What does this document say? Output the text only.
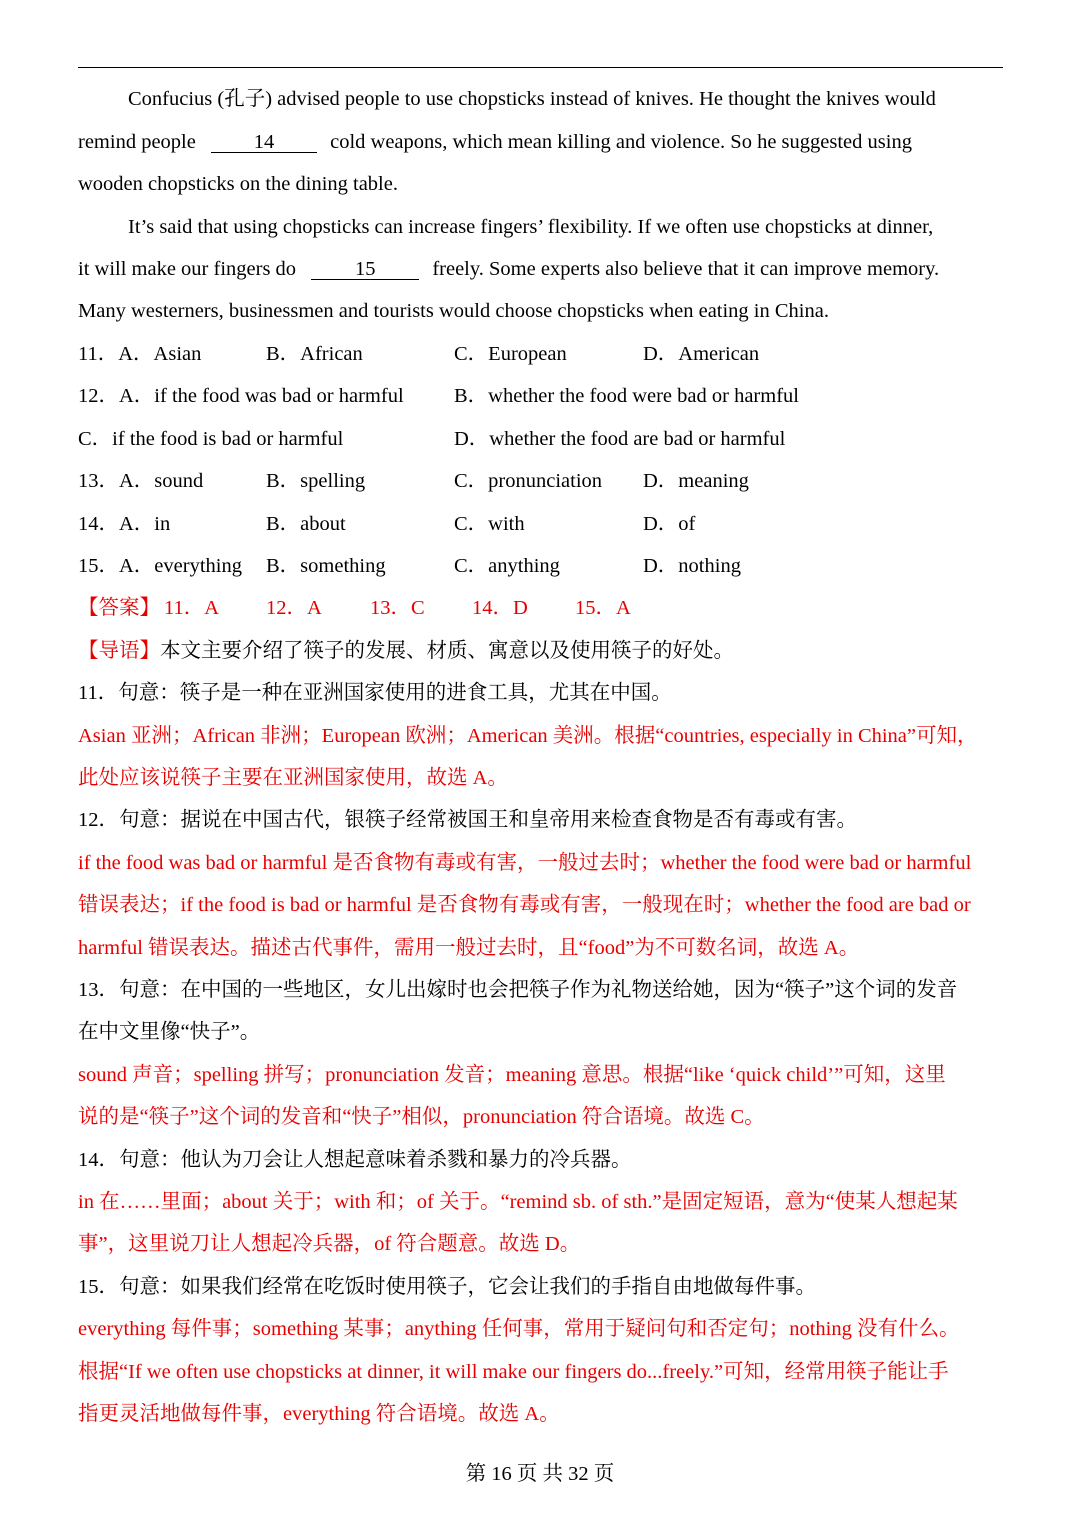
Confucius (孔子) advised people to use chopsticks instead of knives. He thought the knives would
remind people	14	cold weapons, which mean killing and violence. So he suggested using
wooden chopsticks on the dining table.
It’s said that using chopsticks can increase fingers’ flexibility. If we often use chopsticks at dinner,
it will make our fingers do	15	freely. Some experts also believe that it can improve memory.
Many westerners, businessmen and tourists would choose chopsticks when eating in China.
11．A．Asian	B．African	C．European	D．American
12．A．if the food was bad or harmful B．whether the food were bad or harmful
C．if the food is bad or harmful	D．whether the food are bad or harmful
13．A．sound	B．spelling	C．pronunciation D．meaning
14．A．in	B．about	C．with	D．of
15．A．everything B．something	C．anything	D．nothing
【答案】 11．A 12．A 13．C 14．D 15．A
【导语】本文主要介绍了筷子的发展、材质、寓意以及使用筷子的好处。
11．句意：筷子是一种在亚洲国家使用的进食工具，尤其在中国。
Asian 亚洲；African 非洲；European 欧洲；American 美洲。根据“countries, especially in China”可知，
此处应该说筷子主要在亚洲国家使用，故选 A。
12．句意：据说在中国古代，银筷子经常被国王和皇帝用来检查食物是否有毒或有害。
if the food was bad or harmful 是否食物有毒或有害，一般过去时；whether the food were bad or harmful
错误表达；if the food is bad or harmful 是否食物有毒或有害，一般现在时；whether the food are bad or
harmful 错误表达。描述古代事件，需用一般过去时，且“food”为不可数名词，故选 A。
13．句意：在中国的一些地区，女儿出嫁时也会把筷子作为礼物送给她，因为“筷子”这个词的发音
在中文里像“快子”。
sound 声音；spelling 拼写；pronunciation 发音；meaning 意思。根据“like ‘quick child’”可知，这里
说的是“筷子”这个词的发音和“快子”相似，pronunciation 符合语境。故选 C。
14．句意：他认为刀会让人想起意味着杀戮和暴力的冷兵器。
in 在……里面；about 关于；with 和；of 关于。“remind sb. of sth.”是固定短语，意为“使某人想起某
事”，这里说刀让人想起冷兵器，of 符合题意。故选 D。
15．句意：如果我们经常在吃饭时使用筷子，它会让我们的手指自由地做每件事。
everything 每件事；something 某事；anything 任何事，常用于疑问句和否定句；nothing 没有什么。
根据“If we often use chopsticks at dinner, it will make our fingers do...freely.”可知，经常用筷子能让手
指更灵活地做每件事，everything 符合语境。故选 A。
第 16 页 共 32 页
